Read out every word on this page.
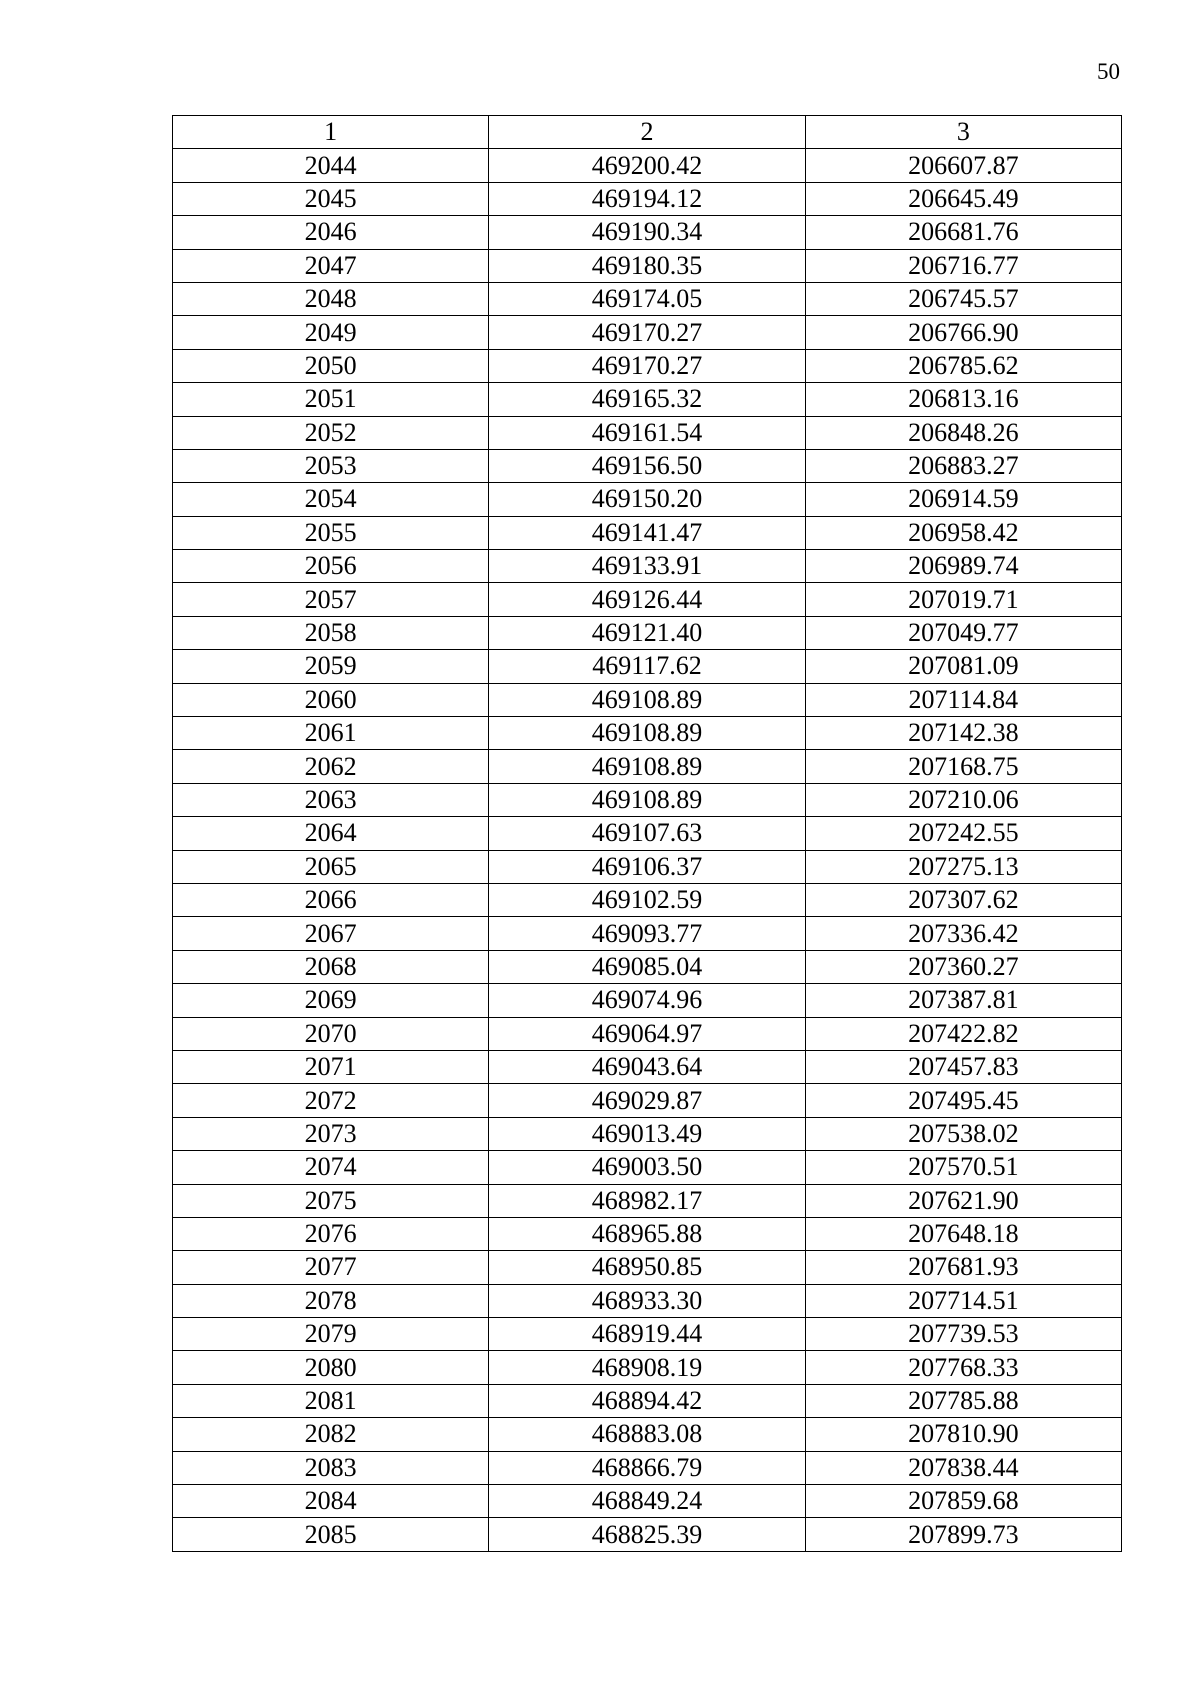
50
1	2	3
2044	469200.42	206607.87
2045	469194.12	206645.49
2046	469190.34	206681.76
2047	469180.35	206716.77
2048	469174.05	206745.57
2049	469170.27	206766.90
2050	469170.27	206785.62
2051	469165.32	206813.16
2052	469161.54	206848.26
2053	469156.50	206883.27
2054	469150.20	206914.59
2055	469141.47	206958.42
2056	469133.91	206989.74
2057	469126.44	207019.71
2058	469121.40	207049.77
2059	469117.62	207081.09
2060	469108.89	207114.84
2061	469108.89	207142.38
2062	469108.89	207168.75
2063	469108.89	207210.06
2064	469107.63	207242.55
2065	469106.37	207275.13
2066	469102.59	207307.62
2067	469093.77	207336.42
2068	469085.04	207360.27
2069	469074.96	207387.81
2070	469064.97	207422.82
2071	469043.64	207457.83
2072	469029.87	207495.45
2073	469013.49	207538.02
2074	469003.50	207570.51
2075	468982.17	207621.90
2076	468965.88	207648.18
2077	468950.85	207681.93
2078	468933.30	207714.51
2079	468919.44	207739.53
2080	468908.19	207768.33
2081	468894.42	207785.88
2082	468883.08	207810.90
2083	468866.79	207838.44
2084	468849.24	207859.68
2085	468825.39	207899.73
